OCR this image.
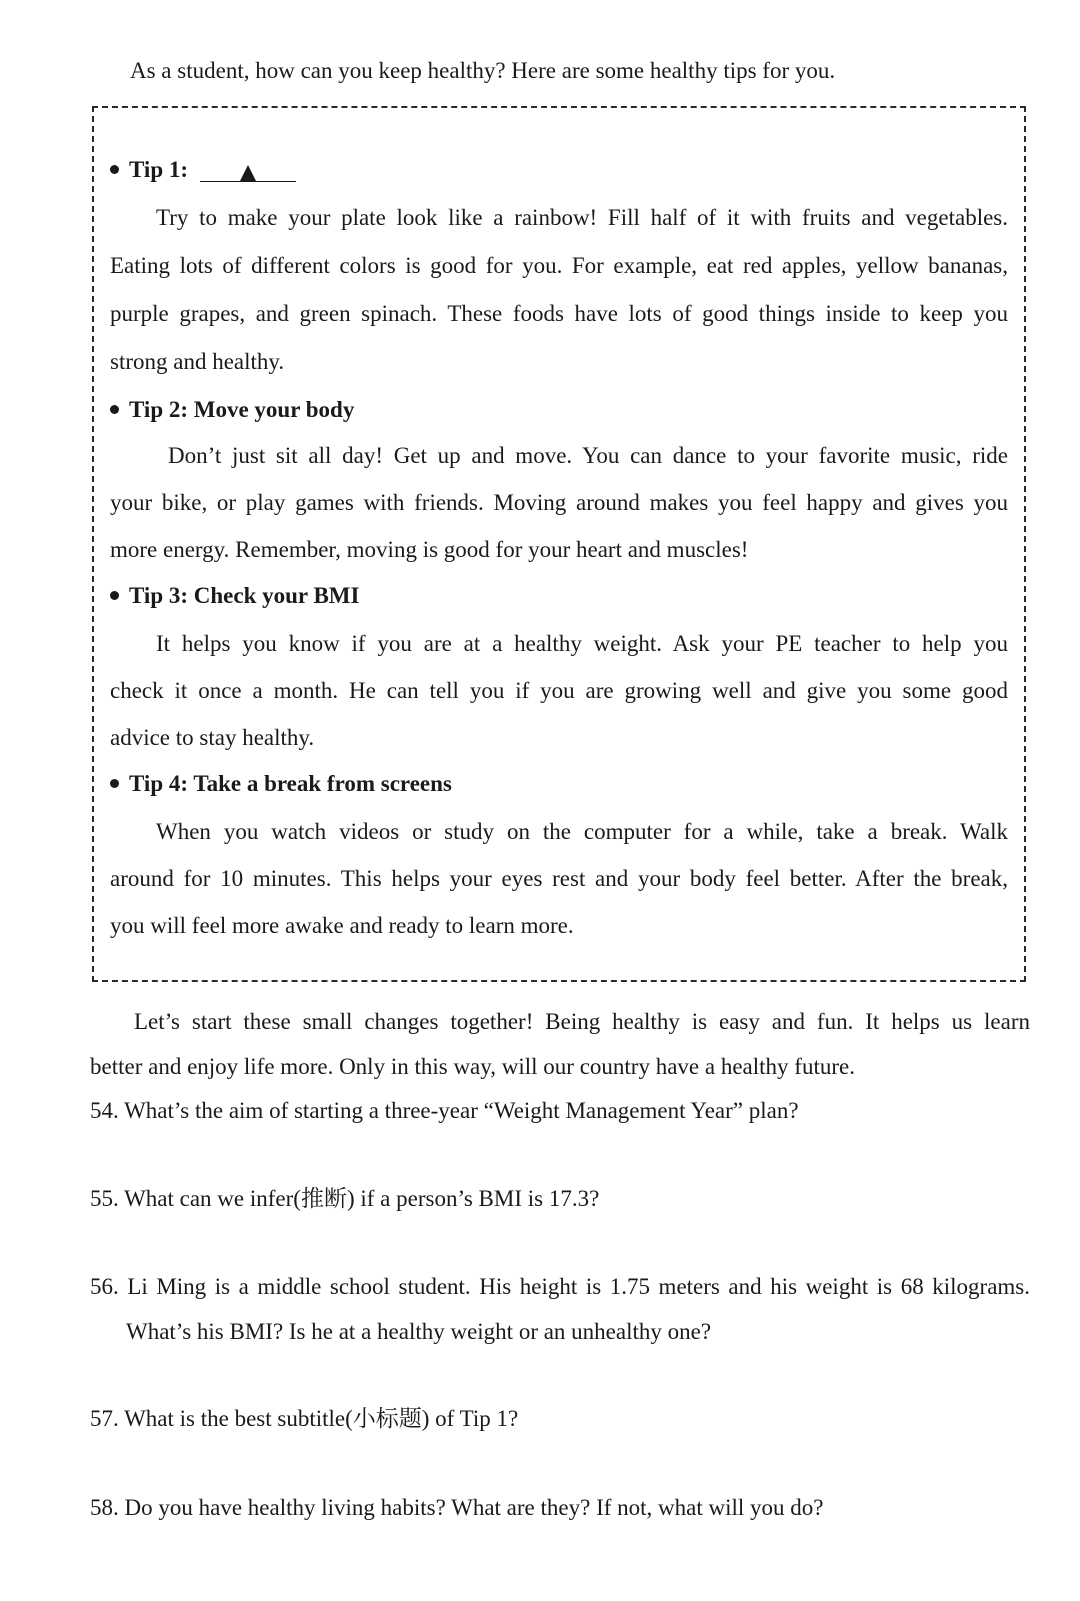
As a student, how can you keep healthy? Here are some healthy tips for you.
Tip 1:
Try to make your plate look like a rainbow! Fill half of it with fruits and vegetables.
Eating lots of different colors is good for you. For example, eat red apples, yellow bananas,
purple grapes, and green spinach. These foods have lots of good things inside to keep you
strong and healthy.
Tip 2: Move your body
Don’t just sit all day! Get up and move. You can dance to your favorite music, ride
your bike, or play games with friends. Moving around makes you feel happy and gives you
more energy. Remember, moving is good for your heart and muscles!
Tip 3: Check your BMI
It helps you know if you are at a healthy weight. Ask your PE teacher to help you
check it once a month. He can tell you if you are growing well and give you some good
advice to stay healthy.
Tip 4: Take a break from screens
When you watch videos or study on the computer for a while, take a break. Walk
around for 10 minutes. This helps your eyes rest and your body feel better. After the break,
you will feel more awake and ready to learn more.
Let’s start these small changes together! Being healthy is easy and fun. It helps us learn
better and enjoy life more. Only in this way, will our country have a healthy future.
54. What’s the aim of starting a three-year “Weight Management Year” plan?
55. What can we infer(推断) if a person’s BMI is 17.3?
56. Li Ming is a middle school student. His height is 1.75 meters and his weight is 68 kilograms.
What’s his BMI? Is he at a healthy weight or an unhealthy one?
57. What is the best subtitle(小标题) of Tip 1?
58. Do you have healthy living habits? What are they? If not, what will you do?
